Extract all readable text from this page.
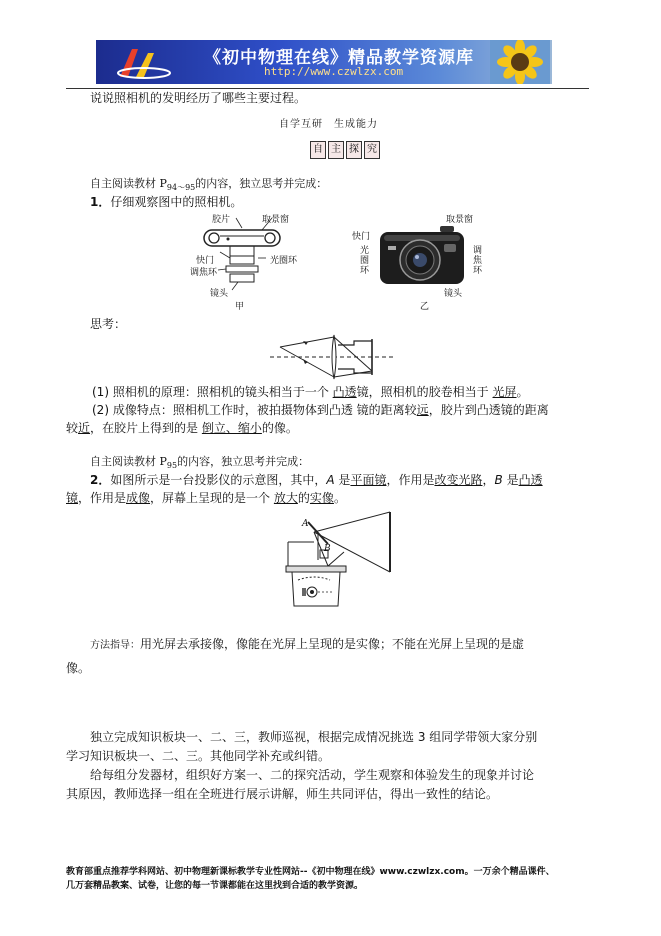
《初中物理在线》精品教学资源库
http://www.czwlzx.com
说说照相机的发明经历了哪些主要过程。
自学互研　生成能力
自 主 探 究
自主阅读教材 $P_{94\sim 95}$的内容，独立思考并完成：
1．仔细观察图中的照相机。
胶片	取景窗
快门	光圈环
调焦环
镜头
甲
取景窗
快门
光圈环
调焦环
镜头
乙
思考：
(1) 照相机的原理：照相机的镜头相当于一个 凸透镜，照相机的胶卷相当于 光屏。
(2) 成像特点：照相机工作时，被拍摄物体到凸透 镜的距离较远，胶片到凸透镜的距离
较近，在胶片上得到的是 倒立、缩小的像。
自主阅读教材 $P_{95}$的内容，独立思考并完成：
2．如图所示是一台投影仪的示意图，其中，A 是平面镜，作用是改变光路，B 是凸透
镜，作用是成像，屏幕上呈现的是一个 放大的实像。
A
B
方法指导：用光屏去承接像，像能在光屏上呈现的是实像；不能在光屏上呈现的是虚
像。
独立完成知识板块一、二、三，教师巡视，根据完成情况挑选 3 组同学带领大家分别
学习知识板块一、二、三。其他同学补充或纠错。
给每组分发器材，组织好方案一、二的探究活动，学生观察和体验发生的现象并讨论
其原因，教师选择一组在全班进行展示讲解，师生共同评估，得出一致性的结论。
教育部重点推荐学科网站、初中物理新课标教学专业性网站--《初中物理在线》www.czwlzx.com。一万余个精品课件、
几万套精品教案、试卷，让您的每一节课都能在这里找到合适的教学资源。
